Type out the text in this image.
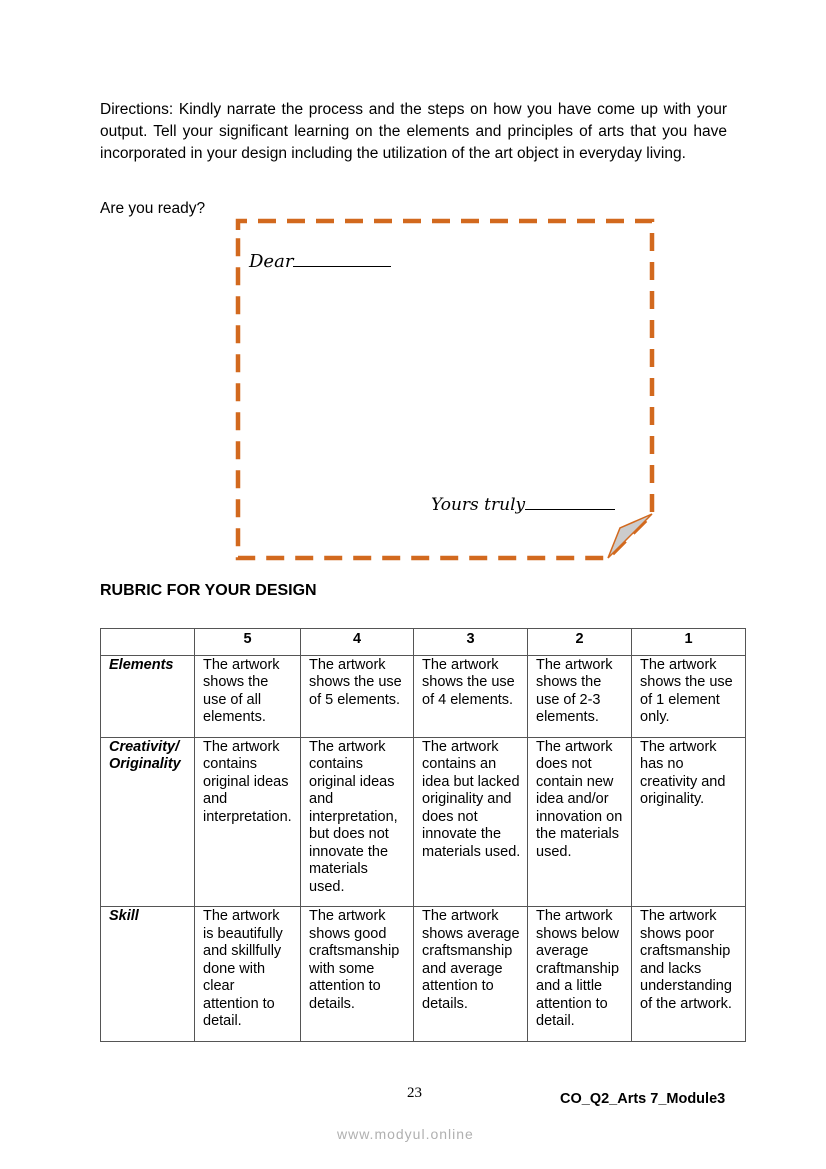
Directions: Kindly narrate the process and the steps on how you have come up with your output. Tell your significant learning on the elements and principles of arts that you have incorporated in your design including the utilization of the art object in everyday living.

Are you ready?

Dear
Yours truly

RUBRIC FOR YOUR DESIGN

	5	4	3	2	1
Elements	The artwork shows the use of all elements.	The artwork shows the use of 5 elements.	The artwork shows the use of 4 elements.	The artwork shows the use of 2-3 elements.	The artwork shows the use of 1 element only.
Creativity/ Originality	The artwork contains original ideas and interpretation.	The artwork contains original ideas and interpretation, but does not innovate the materials used.	The artwork contains an idea but lacked originality and does not innovate the materials used.	The artwork does not contain new idea and/or innovation on the materials used.	The artwork has no creativity and originality.
Skill	The artwork is beautifully and skillfully done with clear attention to detail.	The artwork shows good craftsmanship with some attention to details.	The artwork shows average craftsmanship and average attention to details.	The artwork shows below average craftmanship and a little attention to detail.	The artwork shows poor craftsmanship and lacks understanding of the artwork.
23	CO_Q2_Arts 7_Module3
www.modyul.online
